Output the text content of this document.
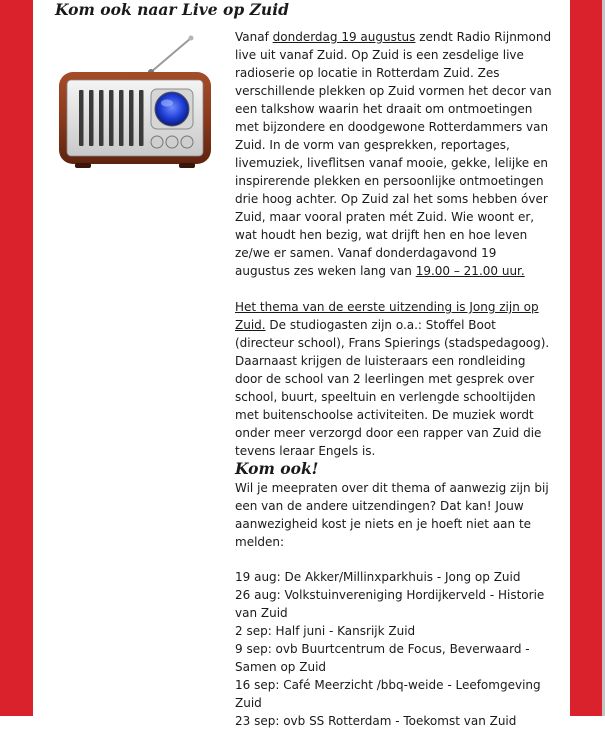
Kom ook naar Live op Zuid

Vanaf donderdag 19 augustus zendt Radio Rijnmond live uit vanaf Zuid. Op Zuid is een zesdelige live radioserie op locatie in Rotterdam Zuid. Zes verschillende plekken op Zuid vormen het decor van een talkshow waarin het draait om ontmoetingen met bijzondere en doodgewone Rotterdammers van Zuid. In de vorm van gesprekken, reportages, livemuziek, liveflitsen vanaf mooie, gekke, lelijke en inspirerende plekken en persoonlijke ontmoetingen drie hoog achter. Op Zuid zal het soms hebben óver Zuid, maar vooral praten mét Zuid. Wie woont er, wat houdt hen bezig, wat drijft hen en hoe leven ze/we er samen. Vanaf donderdagavond 19 augustus zes weken lang van 19.00 – 21.00 uur.

Het thema van de eerste uitzending is Jong zijn op Zuid. De studiogasten zijn o.a.: Stoffel Boot (directeur school), Frans Spierings (stadspedagoog). Daarnaast krijgen de luisteraars een rondleiding door de school van 2 leerlingen met gesprek over school, buurt, speeltuin en verlengde schooltijden met buitenschoolse activiteiten. De muziek wordt onder meer verzorgd door een rapper van Zuid die tevens leraar Engels is.

Kom ook!

Wil je meepraten over dit thema of aanwezig zijn bij een van de andere uitzendingen? Dat kan! Jouw aanwezigheid kost je niets en je hoeft niet aan te melden:

19 aug: De Akker/Millinxparkhuis - Jong op Zuid
26 aug: Volkstuinvereniging Hordijkerveld - Historie van Zuid
2 sep: Half juni - Kansrijk Zuid
9 sep: ovb Buurtcentrum de Focus, Beverwaard - Samen op Zuid
16 sep: Café Meerzicht /bbq-weide - Leefomgeving Zuid
23 sep: ovb SS Rotterdam - Toekomst van Zuid
